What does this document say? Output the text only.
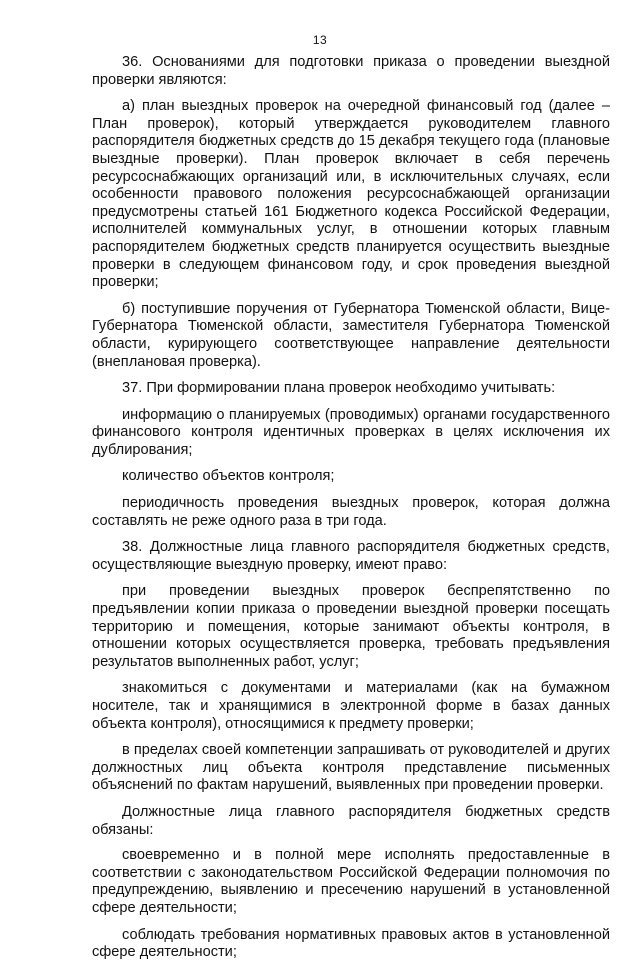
13

36. Основаниями для подготовки приказа о проведении выездной проверки являются:

а) план выездных проверок на очередной финансовый год (далее – План проверок), который утверждается руководителем главного распорядителя бюджетных средств до 15 декабря текущего года (плановые выездные проверки). План проверок включает в себя перечень ресурсоснабжающих организаций или, в исключительных случаях, если особенности правового положения ресурсоснабжающей организации предусмотрены статьей 161 Бюджетного кодекса Российской Федерации, исполнителей коммунальных услуг, в отношении которых главным распорядителем бюджетных средств планируется осуществить выездные проверки в следующем финансовом году, и срок проведения выездной проверки;

б) поступившие поручения от Губернатора Тюменской области, Вице-Губернатора Тюменской области, заместителя Губернатора Тюменской области, курирующего соответствующее направление деятельности (внеплановая проверка).

37. При формировании плана проверок необходимо учитывать:

информацию о планируемых (проводимых) органами государственного финансового контроля идентичных проверках в целях исключения их дублирования;

количество объектов контроля;

периодичность проведения выездных проверок, которая должна составлять не реже одного раза в три года.

38. Должностные лица главного распорядителя бюджетных средств, осуществляющие выездную проверку, имеют право:

при проведении выездных проверок беспрепятственно по предъявлении копии приказа о проведении выездной проверки посещать территорию и помещения, которые занимают объекты контроля, в отношении которых осуществляется проверка, требовать предъявления результатов выполненных работ, услуг;

знакомиться с документами и материалами (как на бумажном носителе, так и хранящимися в электронной форме в базах данных объекта контроля), относящимися к предмету проверки;

в пределах своей компетенции запрашивать от руководителей и других должностных лиц объекта контроля представление письменных объяснений по фактам нарушений, выявленных при проведении проверки.

Должностные лица главного распорядителя бюджетных средств обязаны:

своевременно и в полной мере исполнять предоставленные в соответствии с законодательством Российской Федерации полномочия по предупреждению, выявлению и пресечению нарушений в установленной сфере деятельности;

соблюдать требования нормативных правовых актов в установленной сфере деятельности;
